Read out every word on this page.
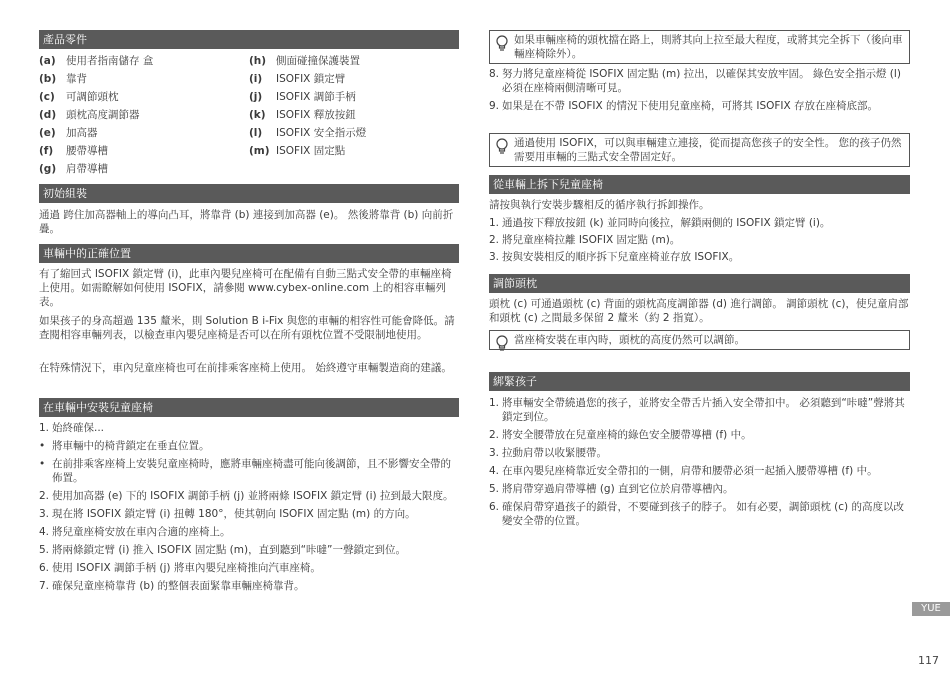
產品零件
(a) 使用者指南儲存 盒
(b) 靠背
(c) 可調節頭枕
(d) 頭枕高度調節器
(e) 加高器
(f) 腰帶導槽
(g) 肩帶導槽
(h) 側面碰撞保護裝置
(i) ISOFIX 鎖定臂
(j) ISOFIX 調節手柄
(k) ISOFIX 釋放按鈕
(l) ISOFIX 安全指示燈
(m) ISOFIX 固定點
初始組裝

通過 跨住加高器軸上的導向凸耳，將靠背 (b) 連接到加高器 (e)。 然後將靠背 (b) 向前折疊。

車輛中的正確位置

有了縮回式 ISOFIX 鎖定臂 (i)，此車內嬰兒座椅可在配備有自動三點式安全帶的車輛座椅上使用。如需瞭解如何使用 ISOFIX，請參閱 www.cybex-online.com 上的相容車輛列表。

如果孩子的身高超過 135 釐米，則 Solution B i-Fix 與您的車輛的相容性可能會降低。請查閱相容車輛列表，以檢查車內嬰兒座椅是否可以在所有頭枕位置不受限制地使用。

在特殊情況下，車內兒童座椅也可在前排乘客座椅上使用。 始終遵守車輛製造商的建議。

在車輛中安裝兒童座椅
1. 始終確保...
• 將車輛中的椅背鎖定在垂直位置。
• 在前排乘客座椅上安裝兒童座椅時，應將車輛座椅盡可能向後調節，且不影響安全帶的佈置。
2. 使用加高器 (e) 下的 ISOFIX 調節手柄 (j) 並將兩條 ISOFIX 鎖定臂 (i) 拉到最大限度。
3. 現在將 ISOFIX 鎖定臂 (i) 扭轉 180°，使其朝向 ISOFIX 固定點 (m) 的方向。
4. 將兒童座椅安放在車內合適的座椅上。
5. 將兩條鎖定臂 (i) 推入 ISOFIX 固定點 (m)，直到聽到“咔噠”一聲鎖定到位。
6. 使用 ISOFIX 調節手柄 (j) 將車內嬰兒座椅推向汽車座椅。
7. 確保兒童座椅靠背 (b) 的整個表面緊靠車輛座椅靠背。
如果車輛座椅的頭枕擋在路上，則將其向上拉至最大程度，或將其完全拆下（後向車輛座椅除外）。
8. 努力將兒童座椅從 ISOFIX 固定點 (m) 拉出，以確保其安放牢固。 綠色安全指示燈 (l) 必須在座椅兩側清晰可見。
9. 如果是在不帶 ISOFIX 的情況下使用兒童座椅，可將其 ISOFIX 存放在座椅底部。
通過使用 ISOFIX，可以與車輛建立連接，從而提高您孩子的安全性。 您的孩子仍然需要用車輛的三點式安全帶固定好。
從車輛上拆下兒童座椅

請按與執行安裝步驟相反的循序執行拆卸操作。

1. 通過按下釋放按鈕 (k) 並同時向後拉，解鎖兩側的 ISOFIX 鎖定臂 (i)。
2. 將兒童座椅拉離 ISOFIX 固定點 (m)。
3. 按與安裝相反的順序拆下兒童座椅並存放 ISOFIX。
調節頭枕

頭枕 (c) 可通過頭枕 (c) 背面的頭枕高度調節器 (d) 進行調節。 調節頭枕 (c)，使兒童肩部 和頭枕 (c) 之間最多保留 2 釐米（約 2 指寬）。

當座椅安裝在車內時，頭枕的高度仍然可以調節。
綁緊孩子
1. 將車輛安全帶繞過您的孩子，並將安全帶舌片插入安全帶扣中。 必須聽到“咔噠”聲將其鎖定到位。
2. 將安全腰帶放在兒童座椅的綠色安全腰帶導槽 (f) 中。
3. 拉動肩帶以收緊腰帶。
4. 在車內嬰兒座椅靠近安全帶扣的一側，肩帶和腰帶必須一起插入腰帶導槽 (f) 中。
5. 將肩帶穿過肩帶導槽 (g) 直到它位於肩帶導槽內。
6. 確保肩帶穿過孩子的鎖骨，不要碰到孩子的脖子。 如有必要，調節頭枕 (c) 的高度以改變安全帶的位置。
YUE
117
